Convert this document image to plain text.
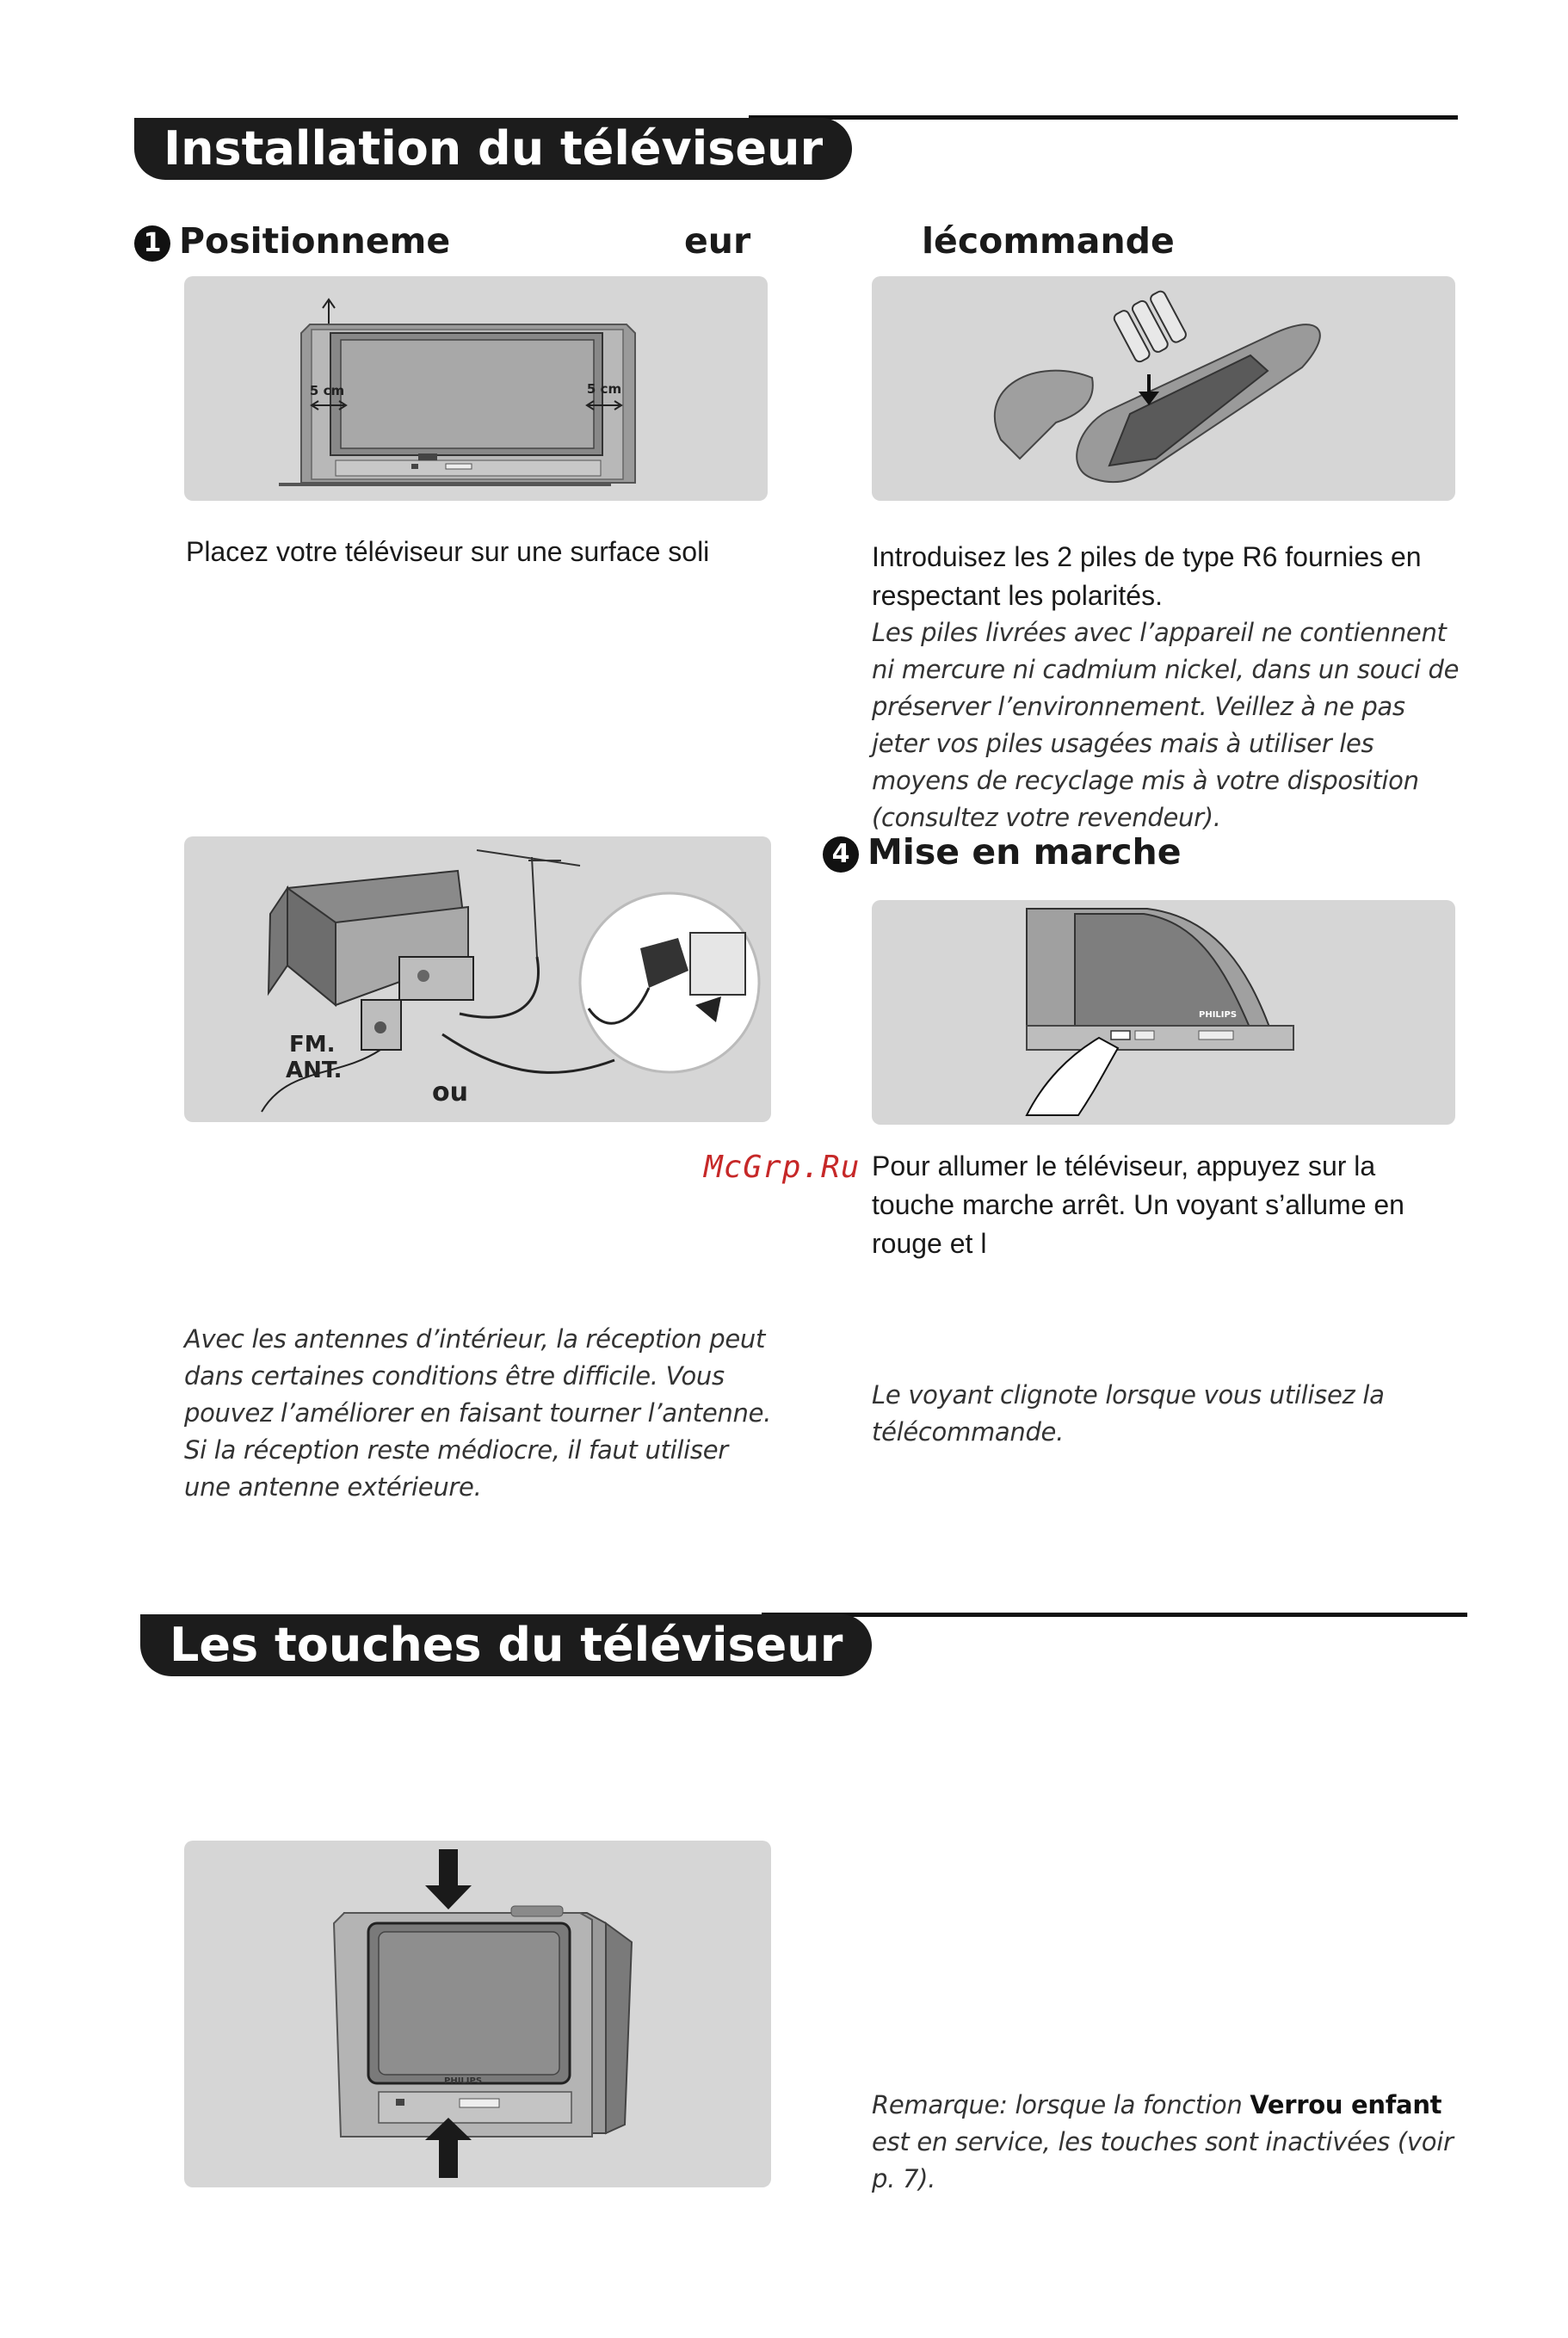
Installation du téléviseur
1 Positionneme	eur	lécommande
5 cm	5 cm
Placez votre téléviseur sur une surface soli	Introduisez les 2 piles de type R6 fournies en respectant les polarités.
Les piles livrées avec l’appareil ne contiennent ni mercure ni cadmium nickel, dans un souci de préserver l’environnement. Veillez à ne pas jeter vos piles usagées mais à utiliser les moyens de recyclage mis à votre disposition (consultez votre revendeur).
FM.
ANT.
ou
4 Mise en marche
PHILIPS
McGrp.Ru Pour allumer le téléviseur, appuyez sur la touche marche arrêt. Un voyant s’allume en rouge et l
Avec les antennes d’intérieur, la réception peut dans certaines conditions être difficile. Vous pouvez l’améliorer en faisant tourner l’antenne. Si la réception reste médiocre, il faut utiliser une antenne extérieure.
Le voyant clignote lorsque vous utilisez la télécommande.
Les touches du téléviseur
PHILIPS
Remarque: lorsque la fonction Verrou enfant est en service, les touches sont inactivées (voir p. 7).
